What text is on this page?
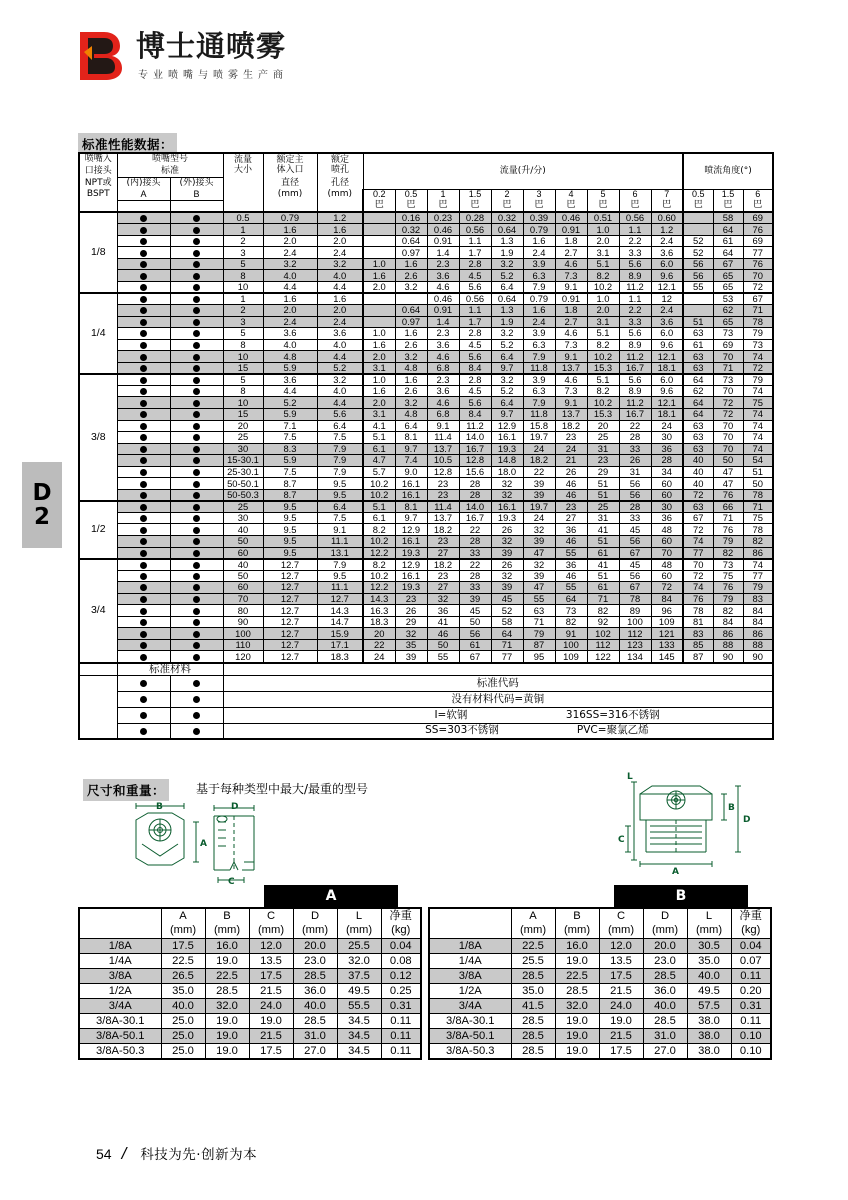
博士通喷雾
专业喷嘴与喷雾生产商
D
2
标准性能数据：
喷嘴入	喷嘴型号		流量
大小	额定主
体入口	额定
喷孔	流量(升/分)										喷流角度(°)		
口接头	标准																	
NPT或	(内)接头	(外)接头		直径	孔径													
BSPT	A	B		(mm)	(mm)	0.2	0.5	1	1.5	2	3	4	5	6	7	0.5	1.5	6
						巴	巴	巴	巴	巴	巴	巴	巴	巴	巴	巴	巴	巴
1/8			0.5	0.79	1.2		0.16	0.23	0.28	0.32	0.39	0.46	0.51	0.56	0.60		58	69
			1	1.6	1.6		0.32	0.46	0.56	0.64	0.79	0.91	1.0	1.1	1.2		64	76
			2	2.0	2.0		0.64	0.91	1.1	1.3	1.6	1.8	2.0	2.2	2.4	52	61	69
			3	2.4	2.4		0.97	1.4	1.7	1.9	2.4	2.7	3.1	3.3	3.6	52	64	77
			5	3.2	3.2	1.0	1.6	2.3	2.8	3.2	3.9	4.6	5.1	5.6	6.0	56	67	76
			8	4.0	4.0	1.6	2.6	3.6	4.5	5.2	6.3	7.3	8.2	8.9	9.6	56	65	70
			10	4.4	4.4	2.0	3.2	4.6	5.6	6.4	7.9	9.1	10.2	11.2	12.1	55	65	72
1/4			1	1.6	1.6			0.46	0.56	0.64	0.79	0.91	1.0	1.1	12		53	67
			2	2.0	2.0		0.64	0.91	1.1	1.3	1.6	1.8	2.0	2.2	2.4		62	71
			3	2.4	2.4		0.97	1.4	1.7	1.9	2.4	2.7	3.1	3.3	3.6	51	65	78
			5	3.6	3.6	1.0	1.6	2.3	2.8	3.2	3.9	4.6	5.1	5.6	6.0	63	73	79
			8	4.0	4.0	1.6	2.6	3.6	4.5	5.2	6.3	7.3	8.2	8.9	9.6	61	69	73
			10	4.8	4.4	2.0	3.2	4.6	5.6	6.4	7.9	9.1	10.2	11.2	12.1	63	70	74
			15	5.9	5.2	3.1	4.8	6.8	8.4	9.7	11.8	13.7	15.3	16.7	18.1	63	71	72
3/8			5	3.6	3.2	1.0	1.6	2.3	2.8	3.2	3.9	4.6	5.1	5.6	6.0	64	73	79
			8	4.4	4.0	1.6	2.6	3.6	4.5	5.2	6.3	7.3	8.2	8.9	9.6	62	70	74
			10	5.2	4.4	2.0	3.2	4.6	5.6	6.4	7.9	9.1	10.2	11.2	12.1	64	72	75
			15	5.9	5.6	3.1	4.8	6.8	8.4	9.7	11.8	13.7	15.3	16.7	18.1	64	72	74
			20	7.1	6.4	4.1	6.4	9.1	11.2	12.9	15.8	18.2	20	22	24	63	70	74
			25	7.5	7.5	5.1	8.1	11.4	14.0	16.1	19.7	23	25	28	30	63	70	74
			30	8.3	7.9	6.1	9.7	13.7	16.7	19.3	24	24	31	33	36	63	70	74
			15-30.1	5.9	7.9	4.7	7.4	10.5	12.8	14.8	18.2	21	23	26	28	40	50	54
			25-30.1	7.5	7.9	5.7	9.0	12.8	15.6	18.0	22	26	29	31	34	40	47	51
			50-50.1	8.7	9.5	10.2	16.1	23	28	32	39	46	51	56	60	40	47	50
			50-50.3	8.7	9.5	10.2	16.1	23	28	32	39	46	51	56	60	72	76	78
1/2			25	9.5	6.4	5.1	8.1	11.4	14.0	16.1	19.7	23	25	28	30	63	66	71
			30	9.5	7.5	6.1	9.7	13.7	16.7	19.3	24	27	31	33	36	67	71	75
			40	9.5	9.1	8.2	12.9	18.2	22	26	32	36	41	45	48	72	76	78
			50	9.5	11.1	10.2	16.1	23	28	32	39	46	51	56	60	74	79	82
			60	9.5	13.1	12.2	19.3	27	33	39	47	55	61	67	70	77	82	86
3/4			40	12.7	7.9	8.2	12.9	18.2	22	26	32	36	41	45	48	70	73	74
			50	12.7	9.5	10.2	16.1	23	28	32	39	46	51	56	60	72	75	77
			60	12.7	11.1	12.2	19.3	27	33	39	47	55	61	67	72	74	76	79
			70	12.7	12.7	14.3	23	32	39	45	55	64	71	78	84	76	79	83
			80	12.7	14.3	16.3	26	36	45	52	63	73	82	89	96	78	82	84
			90	12.7	14.7	18.3	29	41	50	58	71	82	92	100	109	81	84	84
			100	12.7	15.9	20	32	46	56	64	79	91	102	112	121	83	86	86
			110	12.7	17.1	22	35	50	61	71	87	100	112	123	133	85	88	88
			120	12.7	18.3	24	39	55	67	77	95	109	122	134	145	87	90	90
	标准材料																	
			标准代码															
			没有材料代码=黄铜															
			I=软钢 316SS=316不锈钢															
			SS=303不锈钢 PVC=聚氯乙烯															
尺寸和重量：	基于每种类型中最大/最重的型号
B
A
D
C
L
A
B
D
C
A
	A	B	C	D	L	净重
	(mm)	(mm)	(mm)	(mm)	(mm)	(kg)
1/8A	17.5	16.0	12.0	20.0	25.5	0.04
1/4A	22.5	19.0	13.5	23.0	32.0	0.08
3/8A	26.5	22.5	17.5	28.5	37.5	0.12
1/2A	35.0	28.5	21.5	36.0	49.5	0.25
3/4A	40.0	32.0	24.0	40.0	55.5	0.31
3/8A-30.1	25.0	19.0	19.0	28.5	34.5	0.11
3/8A-50.1	25.0	19.0	21.5	31.0	34.5	0.11
3/8A-50.3	25.0	19.0	17.5	27.0	34.5	0.11
B
	A	B	C	D	L	净重
	(mm)	(mm)	(mm)	(mm)	(mm)	(kg)
1/8A	22.5	16.0	12.0	20.0	30.5	0.04
1/4A	25.5	19.0	13.5	23.0	35.0	0.07
3/8A	28.5	22.5	17.5	28.5	40.0	0.11
1/2A	35.0	28.5	21.5	36.0	49.5	0.20
3/4A	41.5	32.0	24.0	40.0	57.5	0.31
3/8A-30.1	28.5	19.0	19.0	28.5	38.0	0.11
3/8A-50.1	28.5	19.0	21.5	31.0	38.0	0.10
3/8A-50.3	28.5	19.0	17.5	27.0	38.0	0.10
54 / 科技为先·创新为本
